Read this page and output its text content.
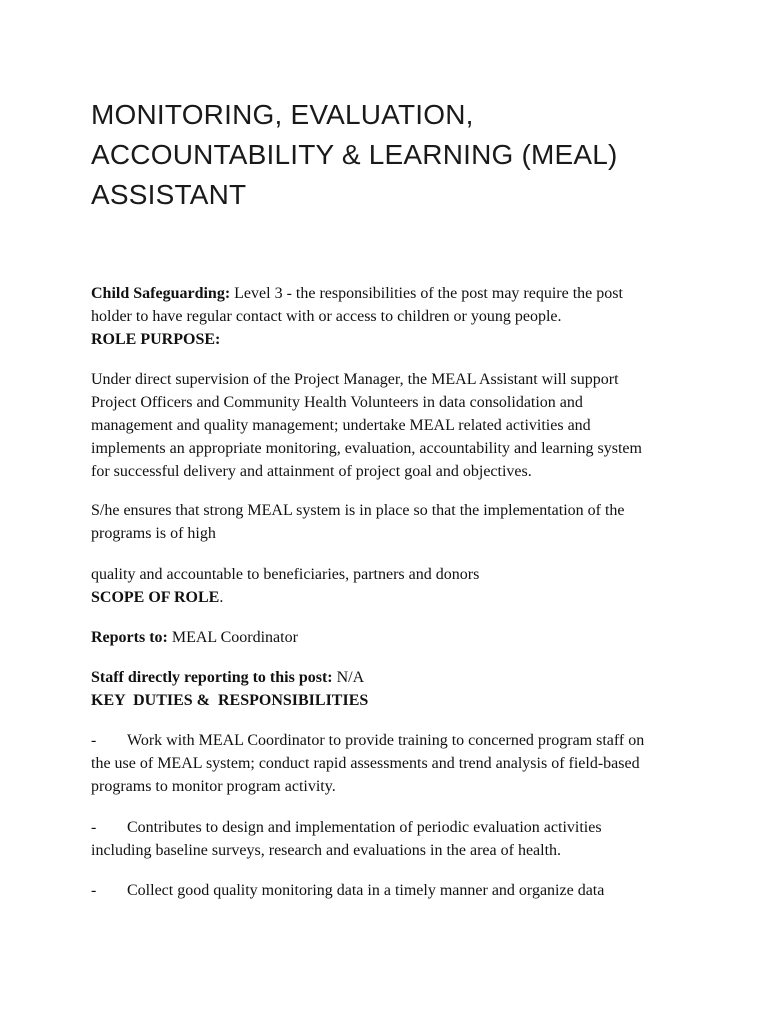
MONITORING, EVALUATION,
ACCOUNTABILITY & LEARNING (MEAL)
ASSISTANT

Child Safeguarding: Level 3 - the responsibilities of the post may require the post
holder to have regular contact with or access to children or young people.

ROLE PURPOSE:

Under direct supervision of the Project Manager, the MEAL Assistant will support
Project Officers and Community Health Volunteers in data consolidation and
management and quality management; undertake MEAL related activities and
implements an appropriate monitoring, evaluation, accountability and learning system
for successful delivery and attainment of project goal and objectives.

S/he ensures that strong MEAL system is in place so that the implementation of the
programs is of high

quality and accountable to beneficiaries, partners and donors

SCOPE OF ROLE.

Reports to: MEAL Coordinator

Staff directly reporting to this post: N/A

KEY  DUTIES &  RESPONSIBILITIES

- Work with MEAL Coordinator to provide training to concerned program staff on
the use of MEAL system; conduct rapid assessments and trend analysis of field-based
programs to monitor program activity.

- Contributes to design and implementation of periodic evaluation activities
including baseline surveys, research and evaluations in the area of health.

- Collect good quality monitoring data in a timely manner and organize data
